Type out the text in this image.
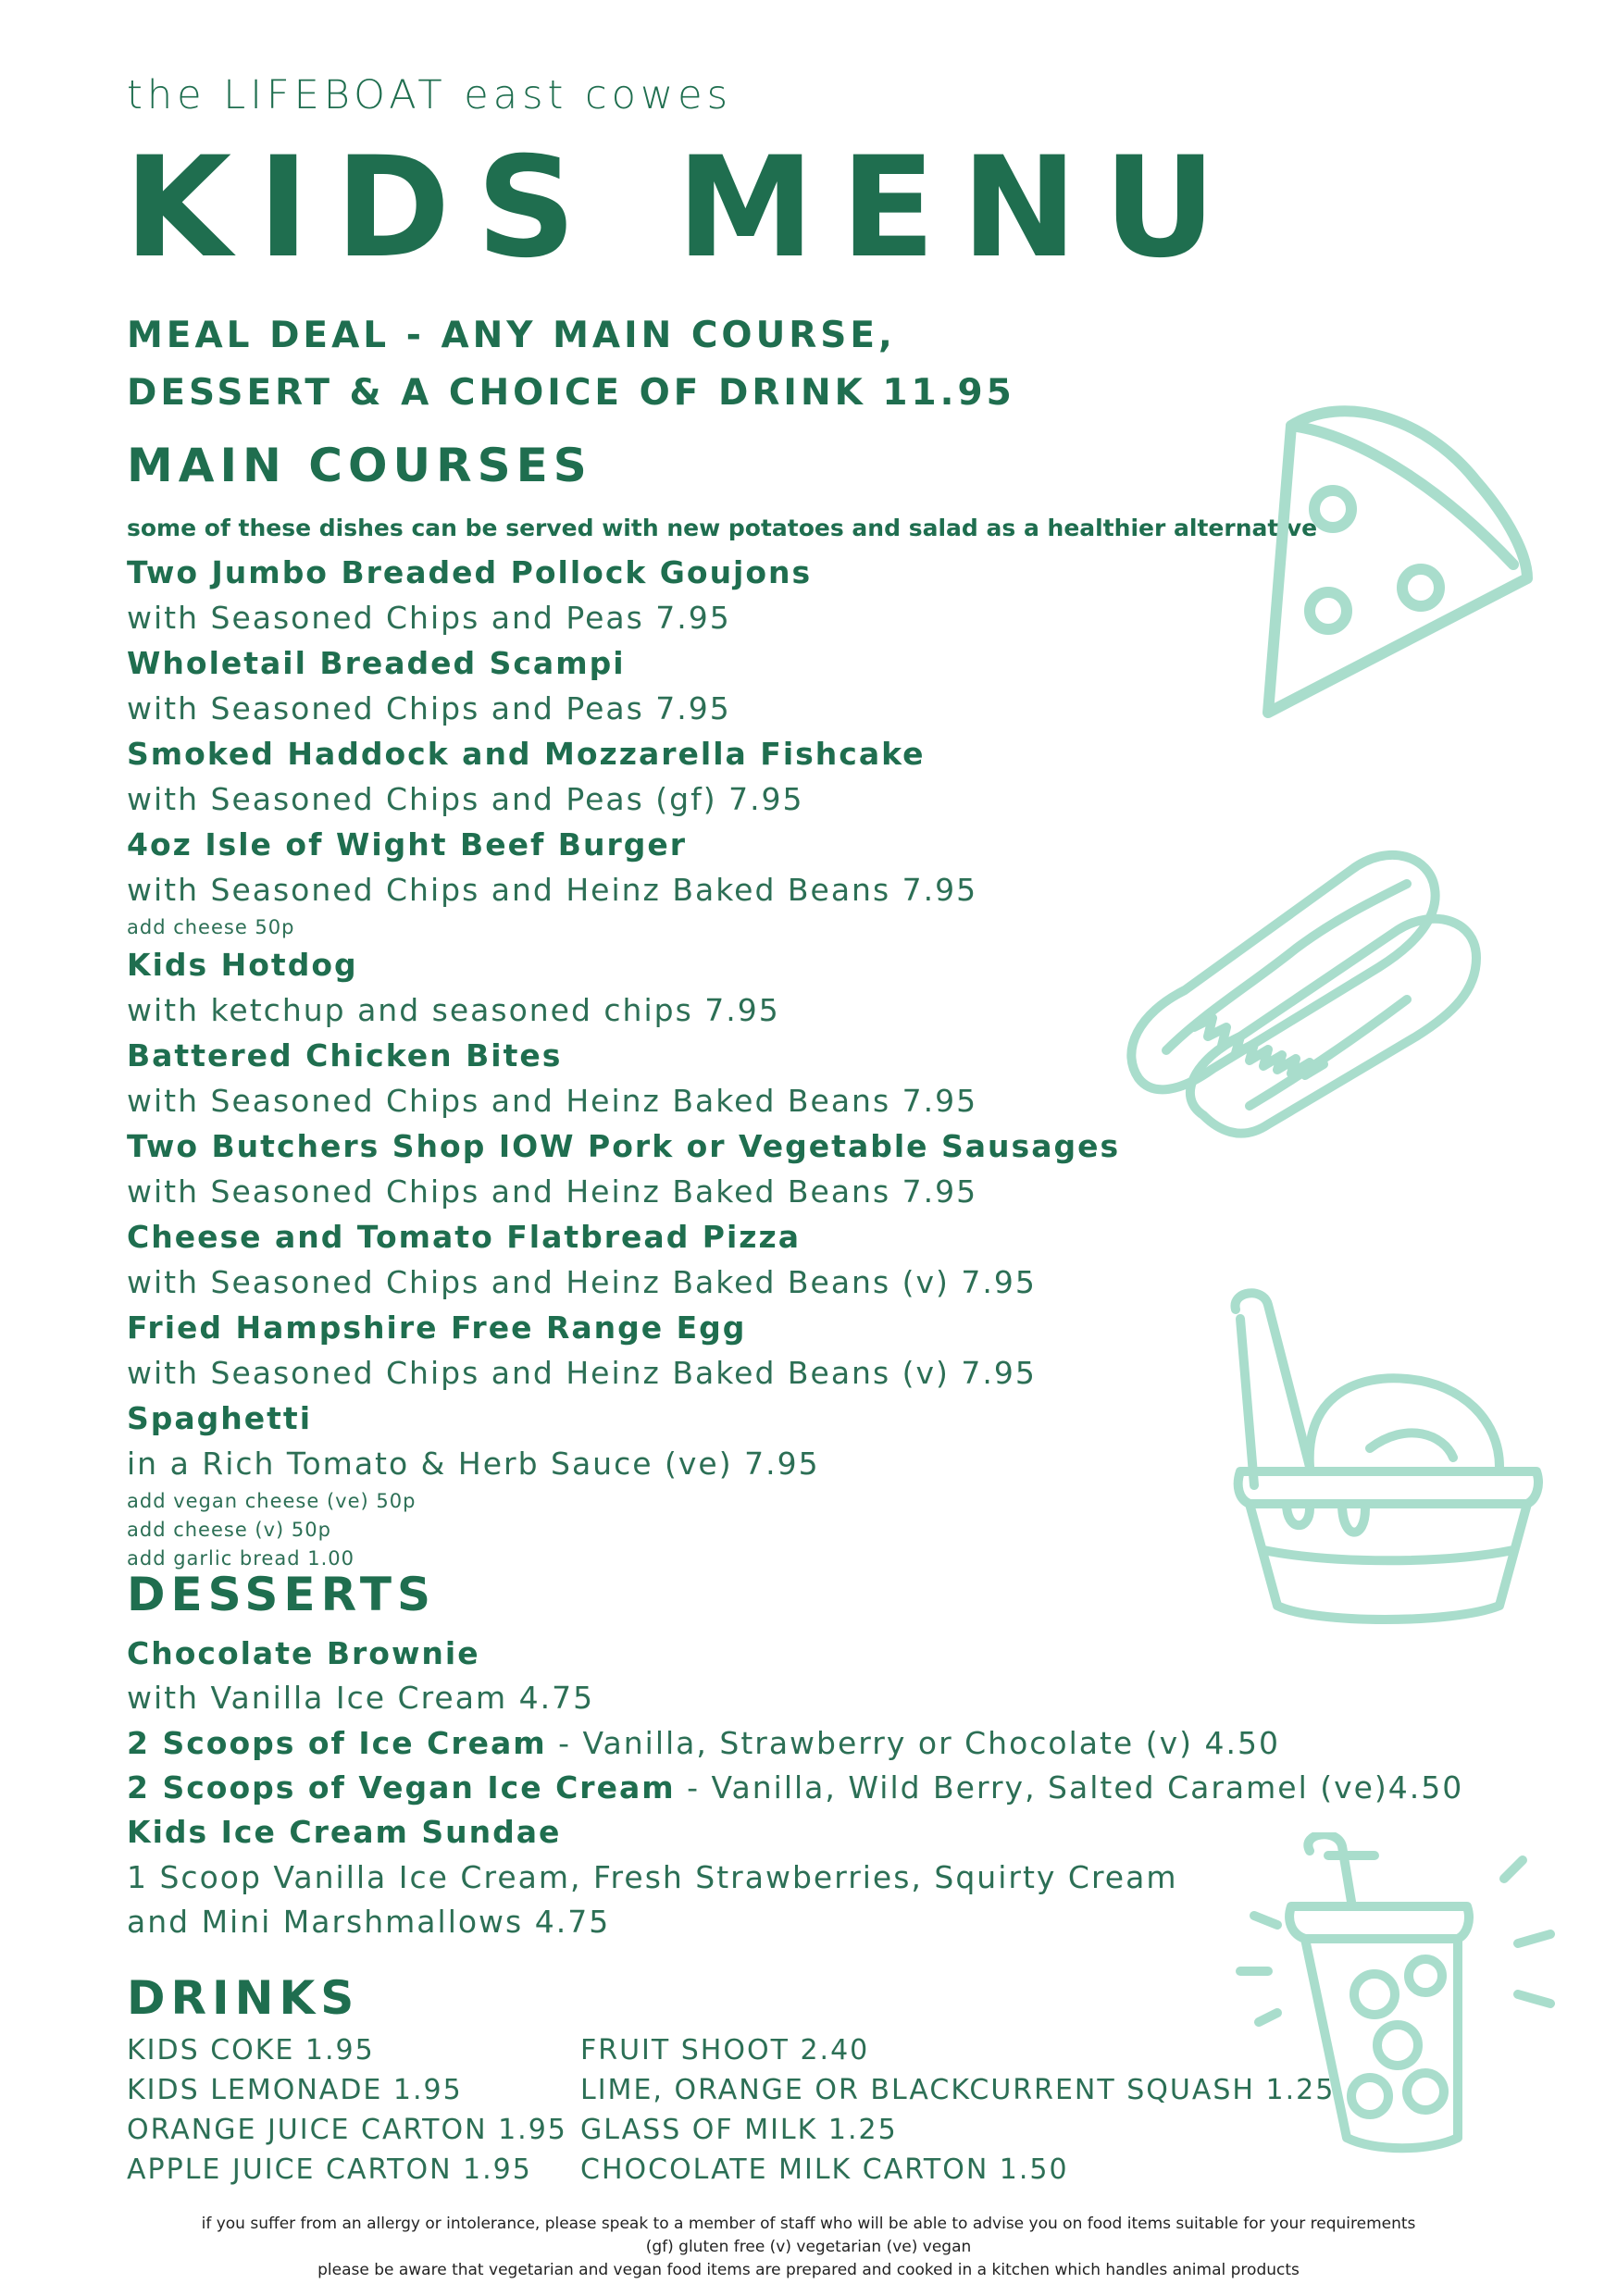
the LIFEBOAT east cowes
KIDS MENU
MEAL DEAL - ANY MAIN COURSE,
DESSERT & A CHOICE OF DRINK 11.95
MAIN COURSES
some of these dishes can be served with new potatoes and salad as a healthier alternative
Two Jumbo Breaded Pollock Goujons
with Seasoned Chips and Peas 7.95
Wholetail Breaded Scampi
with Seasoned Chips and Peas 7.95
Smoked Haddock and Mozzarella Fishcake
with Seasoned Chips and Peas (gf) 7.95
4oz Isle of Wight Beef Burger
with Seasoned Chips and Heinz Baked Beans 7.95
add cheese 50p
Kids Hotdog
with ketchup and seasoned chips 7.95
Battered Chicken Bites
with Seasoned Chips and Heinz Baked Beans 7.95
Two Butchers Shop IOW Pork or Vegetable Sausages
with Seasoned Chips and Heinz Baked Beans 7.95
Cheese and Tomato Flatbread Pizza
with Seasoned Chips and Heinz Baked Beans (v) 7.95
Fried Hampshire Free Range Egg
with Seasoned Chips and Heinz Baked Beans (v) 7.95
Spaghetti
in a Rich Tomato & Herb Sauce (ve) 7.95
add vegan cheese (ve) 50p
add cheese (v) 50p
add garlic bread 1.00
DESSERTS
Chocolate Brownie
with Vanilla Ice Cream 4.75
2 Scoops of Ice Cream - Vanilla, Strawberry or Chocolate (v) 4.50
2 Scoops of Vegan Ice Cream - Vanilla, Wild Berry, Salted Caramel (ve)4.50
Kids Ice Cream Sundae
1 Scoop Vanilla Ice Cream, Fresh Strawberries, Squirty Cream
and Mini Marshmallows 4.75
DRINKS
KIDS COKE 1.95
KIDS LEMONADE 1.95
ORANGE JUICE CARTON 1.95
APPLE JUICE CARTON 1.95
FRUIT SHOOT 2.40
LIME, ORANGE OR BLACKCURRENT SQUASH 1.25
GLASS OF MILK 1.25
CHOCOLATE MILK CARTON 1.50
if you suffer from an allergy or intolerance, please speak to a member of staff who will be able to advise you on food items suitable for your requirements
(gf) gluten free (v) vegetarian (ve) vegan
please be aware that vegetarian and vegan food items are prepared and cooked in a kitchen which handles animal products
